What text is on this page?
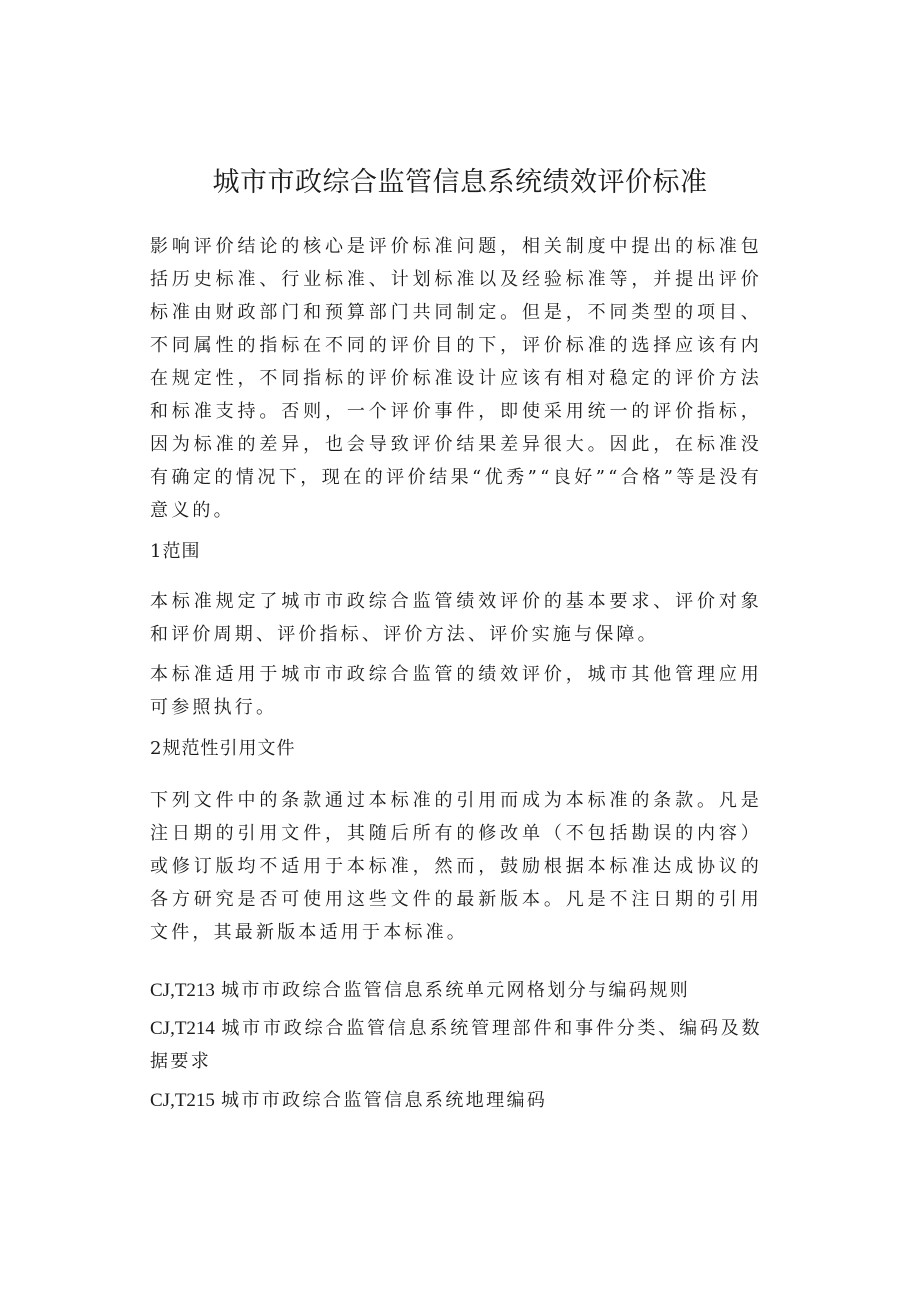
城市市政综合监管信息系统绩效评价标准

影响评价结论的核心是评价标准问题，相关制度中提出的标准包括历史标准、行业标准、计划标准以及经验标准等，并提出评价标准由财政部门和预算部门共同制定。但是，不同类型的项目、不同属性的指标在不同的评价目的下，评价标准的选择应该有内在规定性，不同指标的评价标准设计应该有相对稳定的评价方法和标准支持。否则，一个评价事件，即使采用统一的评价指标，因为标准的差异，也会导致评价结果差异很大。因此，在标准没有确定的情况下，现在的评价结果“优秀”“良好”“合格”等是没有意义的。

1范围

本标准规定了城市市政综合监管绩效评价的基本要求、评价对象和评价周期、评价指标、评价方法、评价实施与保障。

本标准适用于城市市政综合监管的绩效评价，城市其他管理应用可参照执行。

2规范性引用文件

下列文件中的条款通过本标准的引用而成为本标准的条款。凡是注日期的引用文件，其随后所有的修改单（不包括勘误的内容）或修订版均不适用于本标准，然而，鼓励根据本标准达成协议的各方研究是否可使用这些文件的最新版本。凡是不注日期的引用文件，其最新版本适用于本标准。

CJ,T213 城市市政综合监管信息系统单元网格划分与编码规则

CJ,T214 城市市政综合监管信息系统管理部件和事件分类、编码及数据要求

CJ,T215 城市市政综合监管信息系统地理编码
